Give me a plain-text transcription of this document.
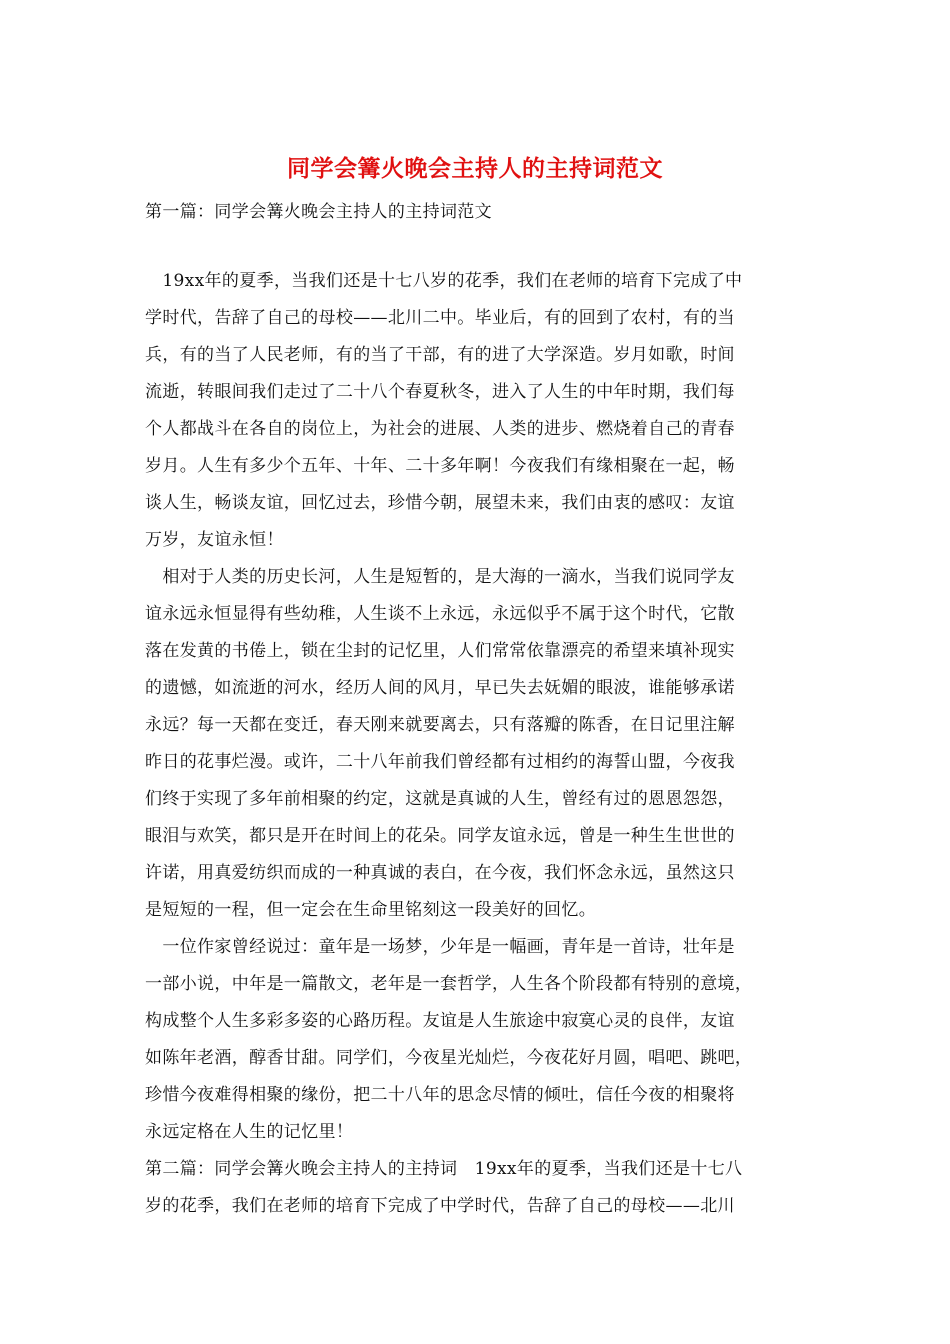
同学会篝火晚会主持人的主持词范文
第一篇：同学会篝火晚会主持人的主持词范文
　19xx年的夏季，当我们还是十七八岁的花季，我们在老师的培育下完成了中
学时代，告辞了自己的母校——北川二中。毕业后，有的回到了农村，有的当
兵，有的当了人民老师，有的当了干部，有的进了大学深造。岁月如歌，时间
流逝，转眼间我们走过了二十八个春夏秋冬，进入了人生的中年时期，我们每
个人都战斗在各自的岗位上，为社会的进展、人类的进步、燃烧着自己的青春
岁月。人生有多少个五年、十年、二十多年啊！今夜我们有缘相聚在一起，畅
谈人生，畅谈友谊，回忆过去，珍惜今朝，展望未来，我们由衷的感叹：友谊
万岁，友谊永恒！
　相对于人类的历史长河，人生是短暂的，是大海的一滴水，当我们说同学友
谊永远永恒显得有些幼稚，人生谈不上永远，永远似乎不属于这个时代，它散
落在发黄的书倦上，锁在尘封的记忆里，人们常常依靠漂亮的希望来填补现实
的遗憾，如流逝的河水，经历人间的风月，早已失去妩媚的眼波，谁能够承诺
永远？每一天都在变迁，春天刚来就要离去，只有落瓣的陈香，在日记里注解
昨日的花事烂漫。或许，二十八年前我们曾经都有过相约的海誓山盟，今夜我
们终于实现了多年前相聚的约定，这就是真诚的人生，曾经有过的恩恩怨怨，
眼泪与欢笑，都只是开在时间上的花朵。同学友谊永远，曾是一种生生世世的
许诺，用真爱纺织而成的一种真诚的表白，在今夜，我们怀念永远，虽然这只
是短短的一程，但一定会在生命里铭刻这一段美好的回忆。
　一位作家曾经说过：童年是一场梦，少年是一幅画，青年是一首诗，壮年是
一部小说，中年是一篇散文，老年是一套哲学，人生各个阶段都有特别的意境，
构成整个人生多彩多姿的心路历程。友谊是人生旅途中寂寞心灵的良伴，友谊
如陈年老酒，醇香甘甜。同学们，今夜星光灿烂，今夜花好月圆，唱吧、跳吧，
珍惜今夜难得相聚的缘份，把二十八年的思念尽情的倾吐，信任今夜的相聚将
永远定格在人生的记忆里！
第二篇：同学会篝火晚会主持人的主持词　19xx年的夏季，当我们还是十七八
岁的花季，我们在老师的培育下完成了中学时代，告辞了自己的母校——北川
